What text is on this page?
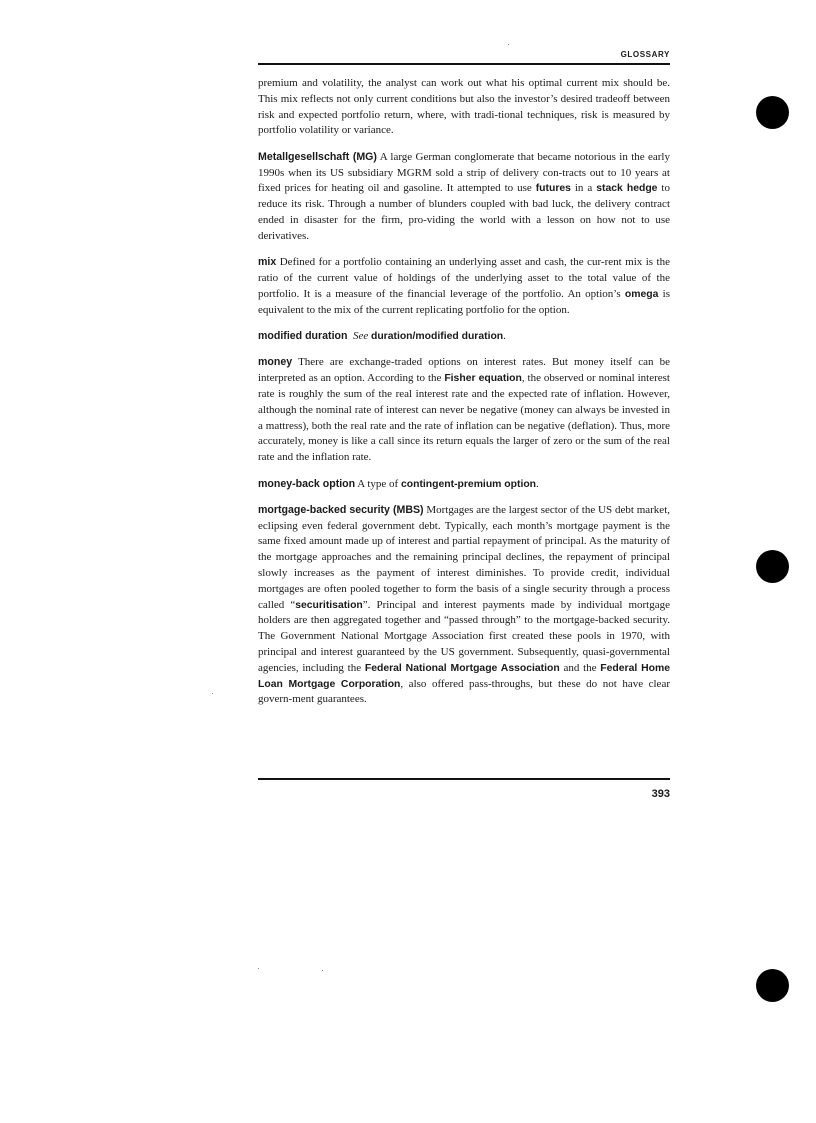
GLOSSARY

premium and volatility, the analyst can work out what his optimal current mix should be. This mix reflects not only current conditions but also the investor’s desired tradeoff between risk and expected portfolio return, where, with tradi-tional techniques, risk is measured by portfolio volatility or variance.

Metallgesellschaft (MG) A large German conglomerate that became notorious in the early 1990s when its US subsidiary MGRM sold a strip of delivery con-tracts out to 10 years at fixed prices for heating oil and gasoline. It attempted to use futures in a stack hedge to reduce its risk. Through a number of blunders coupled with bad luck, the delivery contract ended in disaster for the firm, pro-viding the world with a lesson on how not to use derivatives.

mix Defined for a portfolio containing an underlying asset and cash, the cur-rent mix is the ratio of the current value of holdings of the underlying asset to the total value of the portfolio. It is a measure of the financial leverage of the portfolio. An option’s omega is equivalent to the mix of the current replicating portfolio for the option.

modified duration See duration/modified duration.

money There are exchange-traded options on interest rates. But money itself can be interpreted as an option. According to the Fisher equation, the observed or nominal interest rate is roughly the sum of the real interest rate and the expected rate of inflation. However, although the nominal rate of interest can never be negative (money can always be invested in a mattress), both the real rate and the rate of inflation can be negative (deflation). Thus, more accurately, money is like a call since its return equals the larger of zero or the sum of the real rate and the inflation rate.

money-back option A type of contingent-premium option.

mortgage-backed security (MBS) Mortgages are the largest sector of the US debt market, eclipsing even federal government debt. Typically, each month’s mortgage payment is the same fixed amount made up of interest and partial repayment of principal. As the maturity of the mortgage approaches and the remaining principal declines, the repayment of principal slowly increases as the payment of interest diminishes. To provide credit, individual mortgages are often pooled together to form the basis of a single security through a process called “securitisation”. Principal and interest payments made by individual mortgage holders are then aggregated together and “passed through” to the mortgage-backed security. The Government National Mortgage Association first created these pools in 1970, with principal and interest guaranteed by the US government. Subsequently, quasi-governmental agencies, including the Federal National Mortgage Association and the Federal Home Loan Mortgage Corporation, also offered pass-throughs, but these do not have clear govern-ment guarantees.

393
